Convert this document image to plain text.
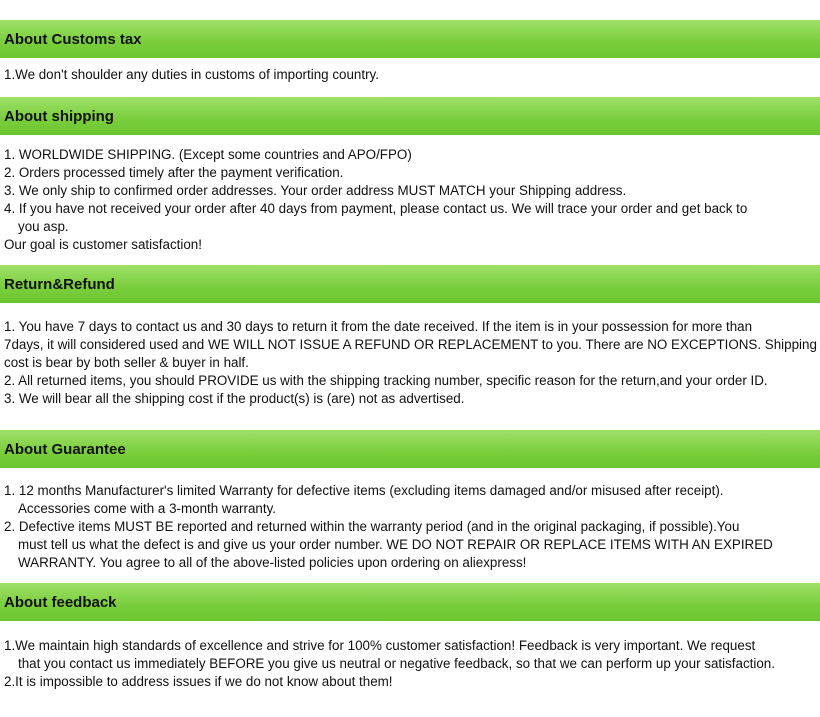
About Customs tax
1.We don't shoulder any duties in customs of importing country.
About shipping
1. WORLDWIDE SHIPPING. (Except some countries and APO/FPO)
2. Orders processed timely after the payment verification.
3. We only ship to confirmed order addresses. Your order address MUST MATCH your Shipping address.
4. If you have not received your order after 40 days from payment, please contact us. We will trace your order and get back to
you asp.
Our goal is customer satisfaction!
Return&Refund
1. You have 7 days to contact us and 30 days to return it from the date received. If the item is in your possession for more than
7days, it will considered used and WE WILL NOT ISSUE A REFUND OR REPLACEMENT to you. There are NO EXCEPTIONS. Shipping
cost is bear by both seller & buyer in half.
2. All returned items, you should PROVIDE us with the shipping tracking number, specific reason for the return,and your order ID.
3. We will bear all the shipping cost if the product(s) is (are) not as advertised.
About Guarantee
1. 12 months Manufacturer's limited Warranty for defective items (excluding items damaged and/or misused after receipt).
Accessories come with a 3-month warranty.
2. Defective items MUST BE reported and returned within the warranty period (and in the original packaging, if possible).You
must tell us what the defect is and give us your order number. WE DO NOT REPAIR OR REPLACE ITEMS WITH AN EXPIRED
WARRANTY. You agree to all of the above-listed policies upon ordering on aliexpress!
About feedback
1.We maintain high standards of excellence and strive for 100% customer satisfaction! Feedback is very important. We request
that you contact us immediately BEFORE you give us neutral or negative feedback, so that we can perform up your satisfaction.
2.It is impossible to address issues if we do not know about them!
